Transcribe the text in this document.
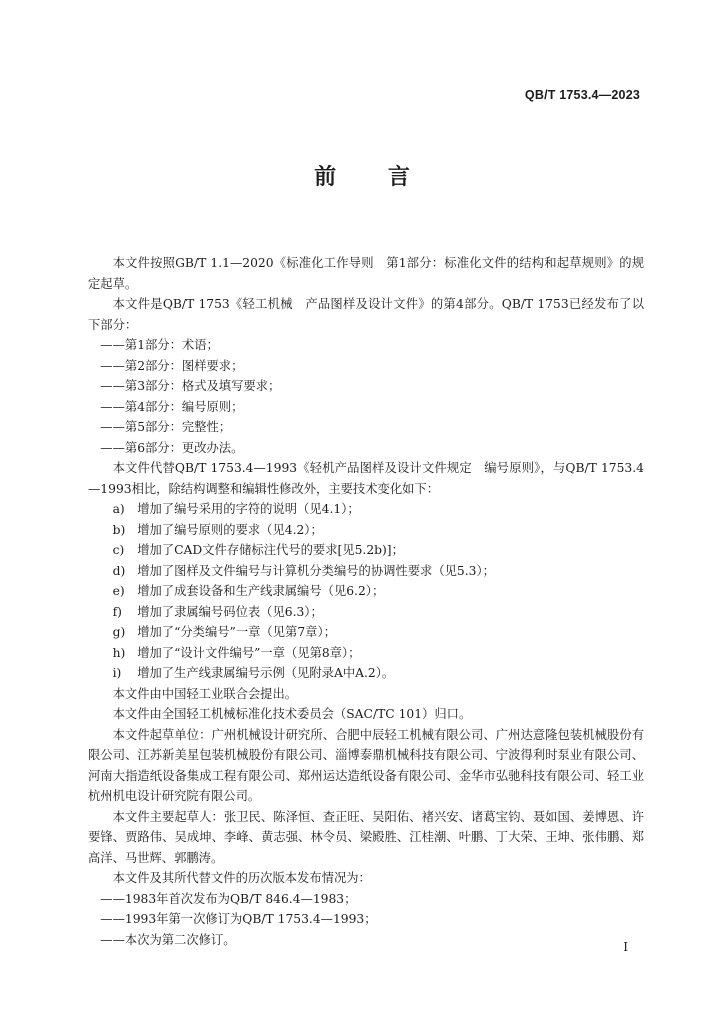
QB/T 1753.4—2023
前 言

本文件按照GB/T 1.1—2020《标准化工作导则　第1部分：标准化文件的结构和起草规则》的规定起草。

本文件是QB/T 1753《轻工机械　产品图样及设计文件》的第4部分。QB/T 1753已经发布了以下部分：

——第1部分：术语；

——第2部分：图样要求；

——第3部分：格式及填写要求；

——第4部分：编号原则；

——第5部分：完整性；

——第6部分：更改办法。

本文件代替QB/T 1753.4—1993《轻机产品图样及设计文件规定　编号原则》，与QB/T 1753.4—1993相比，除结构调整和编辑性修改外，主要技术变化如下：

a)	增加了编号采用的字符的说明（见4.1）；
b) 增加了编号原则的要求（见4.2）；
c)	增加了CAD文件存储标注代号的要求[见5.2b)]；
d) 增加了图样及文件编号与计算机分类编号的协调性要求（见5.3）；
e)	增加了成套设备和生产线隶属编号（见6.2）；
f)	增加了隶属编号码位表（见6.3）；
g) 增加了“分类编号”一章（见第7章）；
h) 增加了“设计文件编号”一章（见第8章）；
i)	增加了生产线隶属编号示例（见附录A中A.2）。

本文件由中国轻工业联合会提出。

本文件由全国轻工机械标准化技术委员会（SAC/TC 101）归口。

本文件起草单位：广州机械设计研究所、合肥中辰轻工机械有限公司、广州达意隆包装机械股份有限公司、江苏新美星包装机械股份有限公司、淄博泰鼎机械科技有限公司、宁波得利时泵业有限公司、河南大指造纸设备集成工程有限公司、郑州运达造纸设备有限公司、金华市弘驰科技有限公司、轻工业杭州机电设计研究院有限公司。

本文件主要起草人：张卫民、陈泽恒、查正旺、吴阳佑、褚兴安、诸葛宝钧、聂如国、姜博恩、许要锋、贾路伟、吴成坤、李峰、黄志强、林令员、梁殿胜、江桂潮、叶鹏、丁大荣、王坤、张伟鹏、郑高洋、马世辉、郭鹏涛。

本文件及其所代替文件的历次版本发布情况为：

——1983年首次发布为QB/T 846.4—1983；

——1993年第一次修订为QB/T 1753.4—1993；

——本次为第二次修订。

I
